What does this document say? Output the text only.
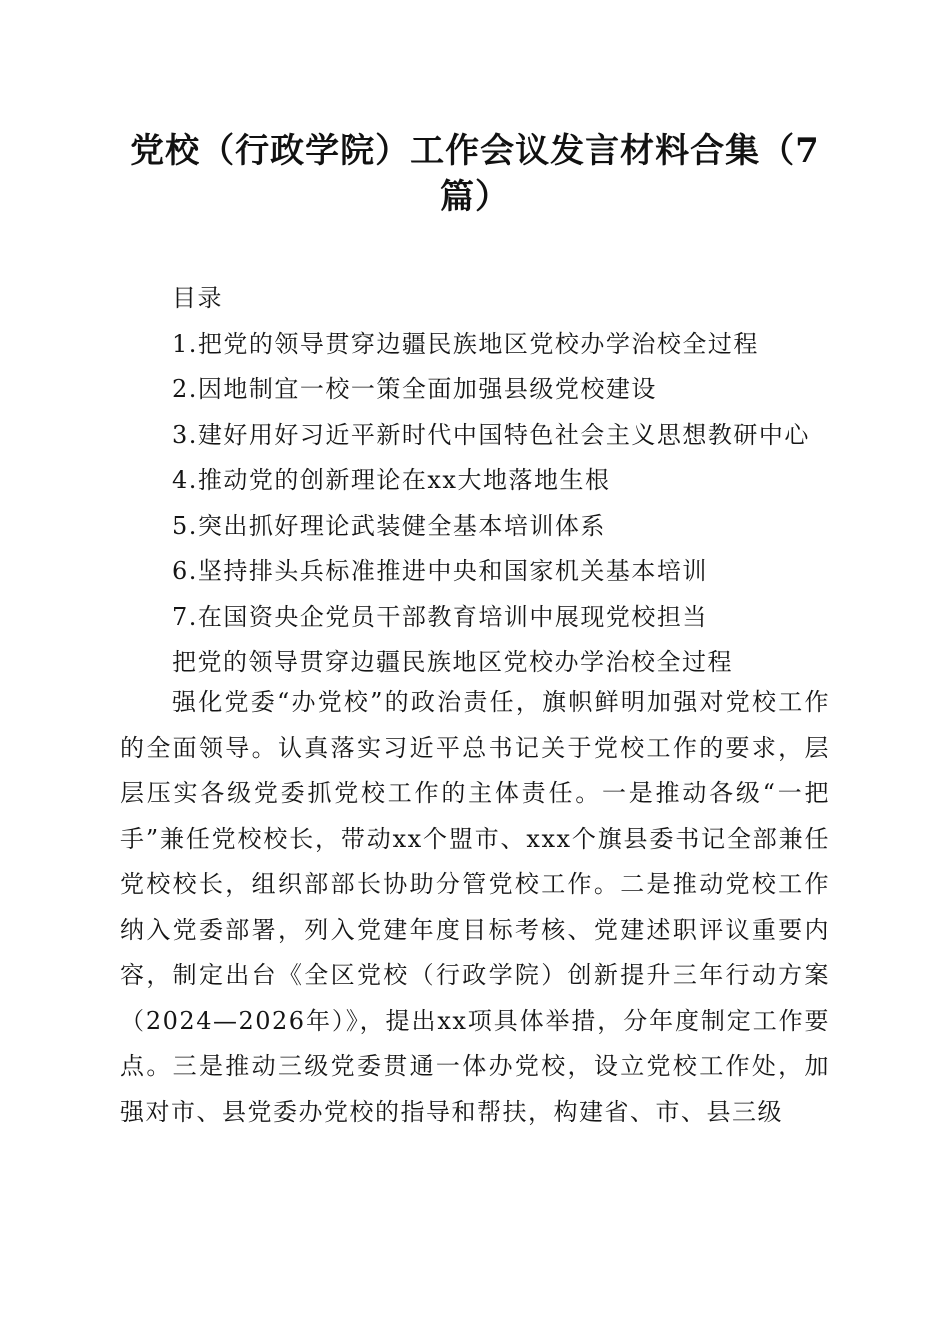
党校（行政学院）工作会议发言材料合集（7篇）
目录
1.把党的领导贯穿边疆民族地区党校办学治校全过程
2.因地制宜一校一策全面加强县级党校建设
3.建好用好习近平新时代中国特色社会主义思想教研中心
4.推动党的创新理论在xx大地落地生根
5.突出抓好理论武装健全基本培训体系
6.坚持排头兵标准推进中央和国家机关基本培训
7.在国资央企党员干部教育培训中展现党校担当
把党的领导贯穿边疆民族地区党校办学治校全过程

强化党委“办党校”的政治责任，旗帜鲜明加强对党校工作的全面领导。认真落实习近平总书记关于党校工作的要求，层层压实各级党委抓党校工作的主体责任。一是推动各级“一把手”兼任党校校长，带动xx个盟市、xxx个旗县委书记全部兼任党校校长，组织部部长协助分管党校工作。二是推动党校工作纳入党委部署，列入党建年度目标考核、党建述职评议重要内容，制定出台《全区党校（行政学院）创新提升三年行动方案（2024—2026年）》，提出xx项具体举措，分年度制定工作要点。三是推动三级党委贯通一体办党校，设立党校工作处，加强对市、县党委办党校的指导和帮扶，构建省、市、县三级
